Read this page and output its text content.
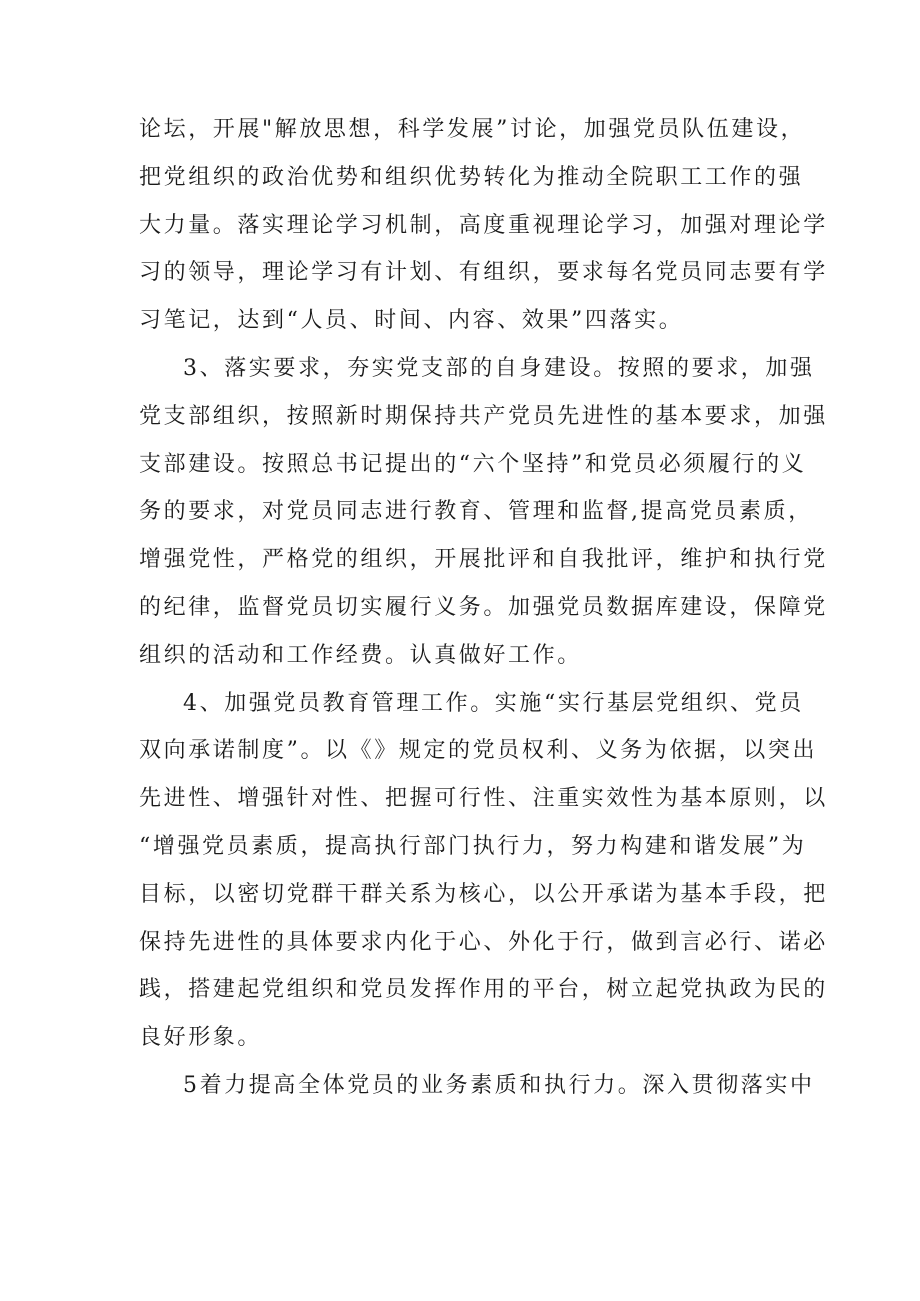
论坛，开展"解放思想，科学发展”讨论，加强党员队伍建设，
把党组织的政治优势和组织优势转化为推动全院职工工作的强
大力量。落实理论学习机制，高度重视理论学习，加强对理论学
习的领导，理论学习有计划、有组织，要求每名党员同志要有学
习笔记，达到“人员、时间、内容、效果”四落实。
3、落实要求，夯实党支部的自身建设。按照的要求，加强
党支部组织，按照新时期保持共产党员先进性的基本要求，加强
支部建设。按照总书记提出的“六个坚持”和党员必须履行的义
务的要求，对党员同志进行教育、管理和监督,提高党员素质，
增强党性，严格党的组织，开展批评和自我批评，维护和执行党
的纪律，监督党员切实履行义务。加强党员数据库建设，保障党
组织的活动和工作经费。认真做好工作。
4、加强党员教育管理工作。实施“实行基层党组织、党员
双向承诺制度”。以《》规定的党员权利、义务为依据，以突出
先进性、增强针对性、把握可行性、注重实效性为基本原则，以
“增强党员素质，提高执行部门执行力，努力构建和谐发展”为
目标，以密切党群干群关系为核心，以公开承诺为基本手段，把
保持先进性的具体要求内化于心、外化于行，做到言必行、诺必
践，搭建起党组织和党员发挥作用的平台，树立起党执政为民的
良好形象。
5着力提高全体党员的业务素质和执行力。深入贯彻落实中
